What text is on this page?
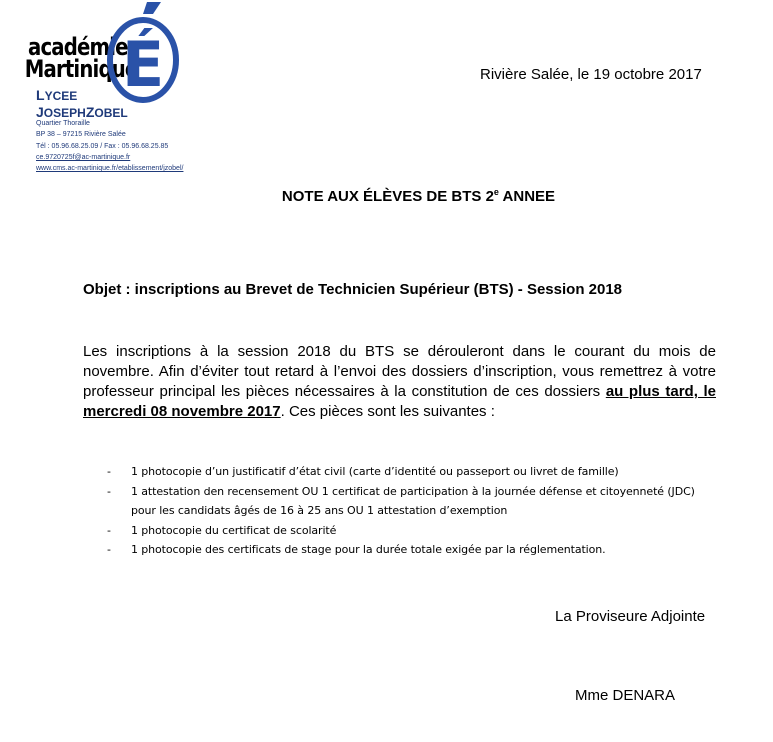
académie
Martinique
É
LYCEE
JOSEPHZOBEL
Quartier Thoraille
BP 38 – 97215 Rivière Salée
Tél : 05.96.68.25.09 / Fax : 05.96.68.25.85
ce.9720725f@ac-martinique.fr
www.cms.ac-martinique.fr/etablissement/jzobel/
Rivière Salée, le 19 octobre 2017
NOTE AUX ÉLÈVES DE BTS 2e ANNEE
Objet : inscriptions au Brevet de Technicien Supérieur (BTS) - Session 2018
Les inscriptions à la session 2018 du BTS se dérouleront dans le courant du mois de novembre. Afin d’éviter tout retard à l’envoi des dossiers d’inscription, vous remettrez à votre professeur principal les pièces nécessaires à la constitution de ces dossiers au plus tard, le mercredi 08 novembre 2017. Ces pièces sont les suivantes :
- 1 photocopie d’un justificatif d’état civil (carte d’identité ou passeport ou livret de famille)
- 1 attestation den recensement OU 1 certificat de participation à la journée défense et citoyenneté (JDC) pour les candidats âgés de 16 à 25 ans OU 1 attestation d’exemption
- 1 photocopie du certificat de scolarité
- 1 photocopie des certificats de stage pour la durée totale exigée par la réglementation.
La Proviseure Adjointe
Mme DENARA
